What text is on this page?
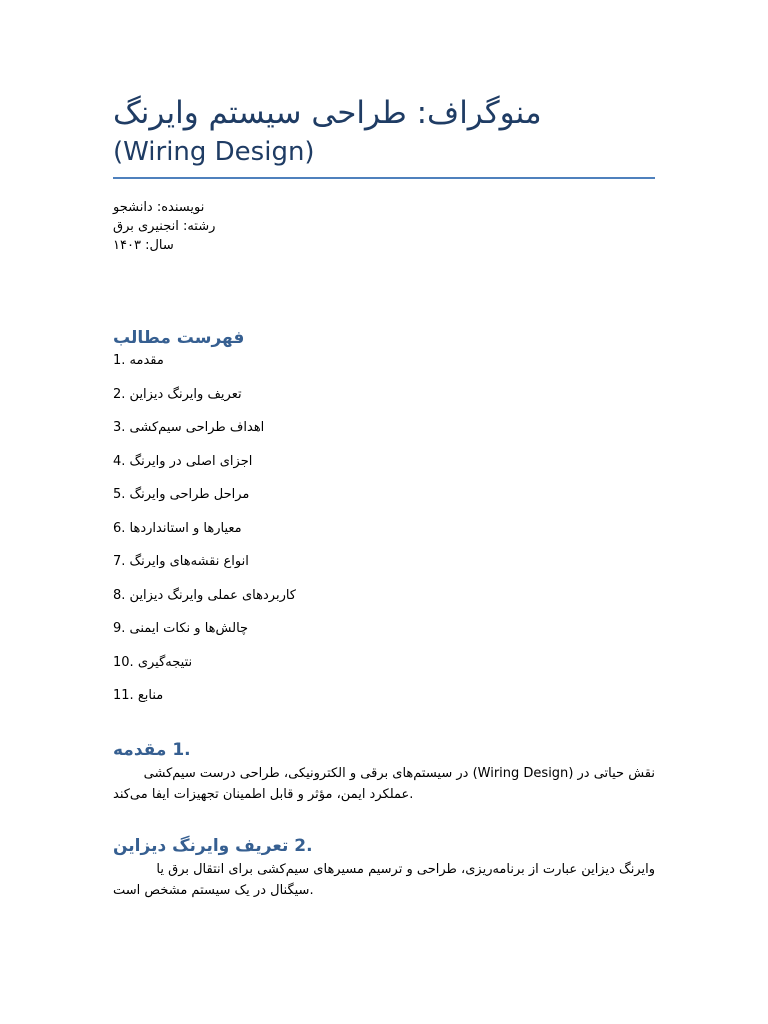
منوگراف: طراحی سیستم وایرنگ
(Wiring Design)
نویسنده: دانشجو
رشته: انجنیری برق
سال: ۱۴۰۳
فهرست مطالب
1. مقدمه
2. تعریف وایرنگ دیزاین
3. اهداف طراحی سیم‌کشی
4. اجزای اصلی در وایرنگ
5. مراحل طراحی وایرنگ
6. معیارها و استانداردها
7. انواع نقشه‌های وایرنگ
8. کاربردهای عملی وایرنگ دیزاین
9. چالش‌ها و نکات ایمنی
10. نتیجه‌گیری
11. منابع
1. مقدمه
نقش حیاتی در (Wiring Design) در سیستم‌های برقی و الکترونیکی، طراحی درست سیم‌کشی
.عملکرد ایمن، مؤثر و قابل اطمینان تجهیزات ایفا می‌کند
2. تعریف وایرنگ دیزاین
وایرنگ دیزاین عبارت از برنامه‌ریزی، طراحی و ترسیم مسیرهای سیم‌کشی برای انتقال برق یا
.سیگنال در یک سیستم مشخص است
